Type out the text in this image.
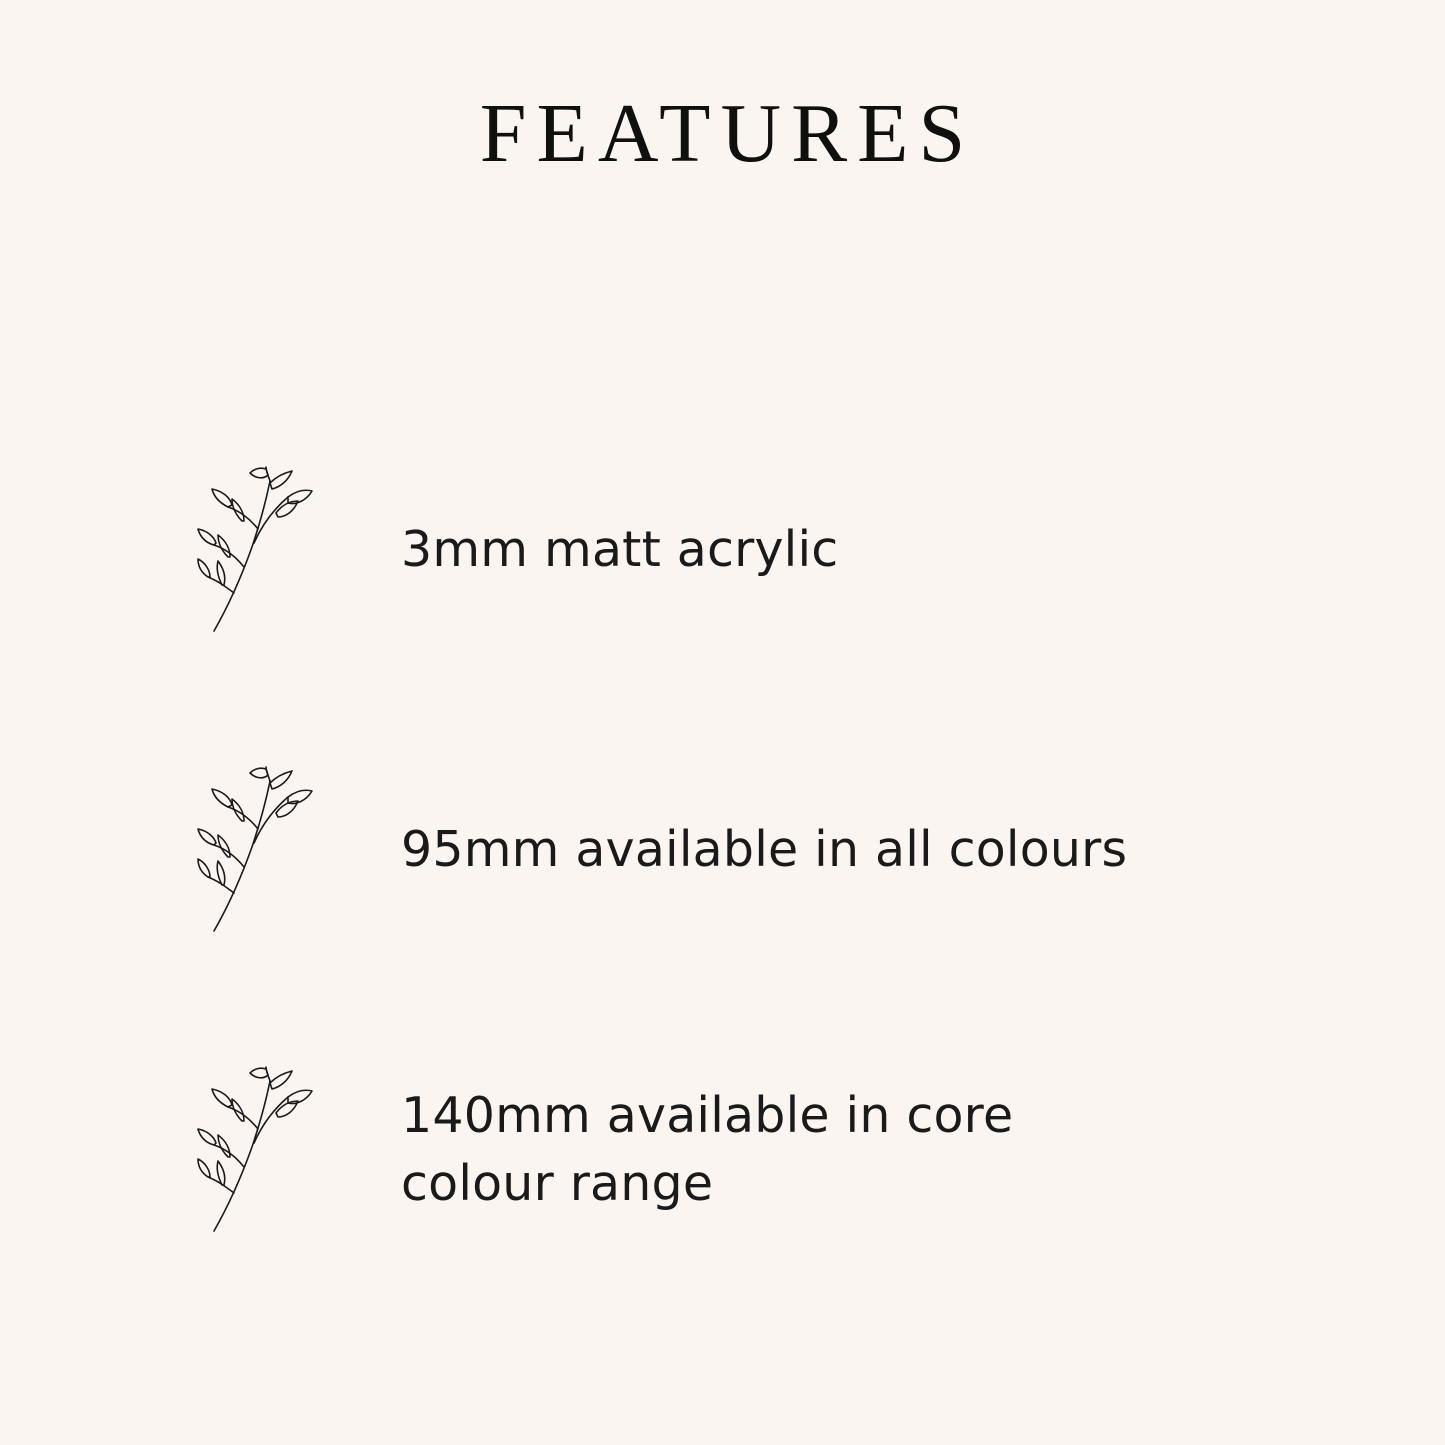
FEATURES
3mm matt acrylic
95mm available in all colours
140mm available in core colour range
